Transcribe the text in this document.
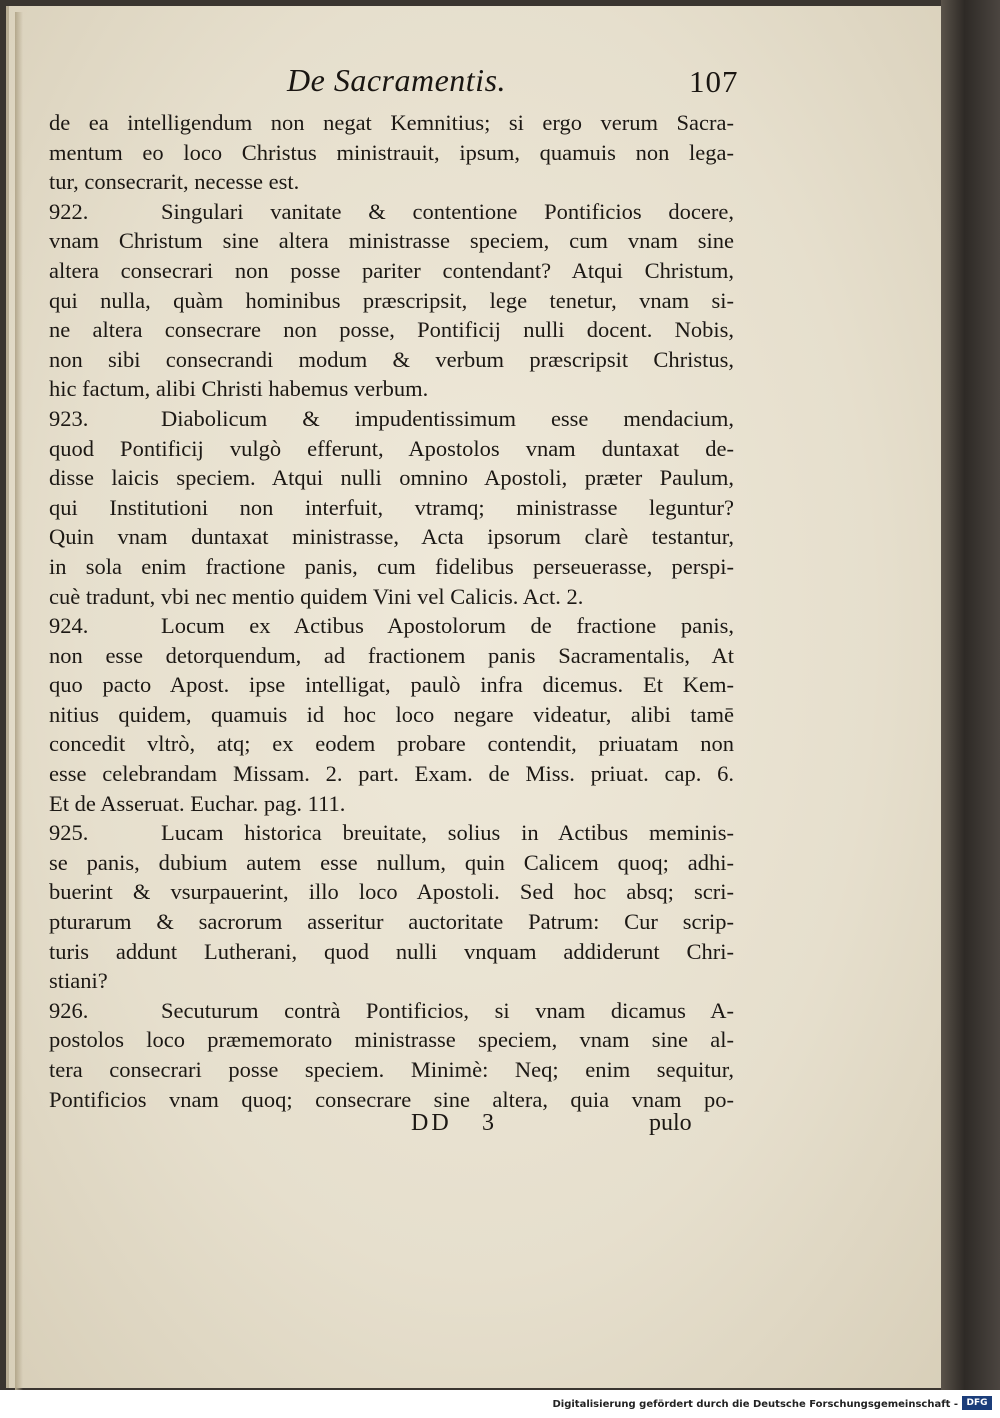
De Sacramentis.	107
de ea intelligendum non negat Kemnitius; si ergo verum Sacra-
mentum eo loco Christus ministrauit, ipsum, quamuis non lega-
tur, consecrarit, necesse est.
922.	Singulari vanitate & contentione Pontificios docere,
vnam Christum sine altera ministrasse speciem, cum vnam sine
altera consecrari non posse pariter contendant? Atqui Christum,
qui nulla, quàm hominibus præscripsit, lege tenetur, vnam si-
ne altera consecrare non posse, Pontificij nulli docent. Nobis,
non sibi consecrandi modum & verbum præscripsit Christus,
hic factum, alibi Christi habemus verbum.
923.	Diabolicum & impudentissimum esse mendacium,
quod Pontificij vulgò efferunt, Apostolos vnam duntaxat de-
disse laicis speciem. Atqui nulli omnino Apostoli, præter Paulum,
qui Institutioni non interfuit, vtramq; ministrasse leguntur?
Quin vnam duntaxat ministrasse, Acta ipsorum clarè testantur,
in sola enim fractione panis, cum fidelibus perseuerasse, perspi-
cuè tradunt, vbi nec mentio quidem Vini vel Calicis. Act. 2.
924.	Locum ex Actibus Apostolorum de fractione panis,
non esse detorquendum, ad fractionem panis Sacramentalis, At
quo pacto Apost. ipse intelligat, paulò infra dicemus. Et Kem-
nitius quidem, quamuis id hoc loco negare videatur, alibi tamē
concedit vltrò, atq; ex eodem probare contendit, priuatam non
esse celebrandam Missam. 2. part. Exam. de Miss. priuat. cap. 6.
Et de Asseruat. Euchar. pag. 111.
925.	Lucam historica breuitate, solius in Actibus meminis-
se panis, dubium autem esse nullum, quin Calicem quoq; adhi-
buerint & vsurpauerint, illo loco Apostoli. Sed hoc absq; scri-
pturarum & sacrorum asseritur auctoritate Patrum: Cur scrip-
turis addunt Lutherani, quod nulli vnquam addiderunt Chri-
stiani?
926.	Secuturum contrà Pontificios, si vnam dicamus A-
postolos loco præmemorato ministrasse speciem, vnam sine al-
tera consecrari posse speciem. Minimè: Neq; enim sequitur,
Pontificios vnam quoq; consecrare sine altera, quia vnam po-
DD 3	pulo
Digitalisierung gefördert durch die Deutsche Forschungsgemeinschaft - DFG
